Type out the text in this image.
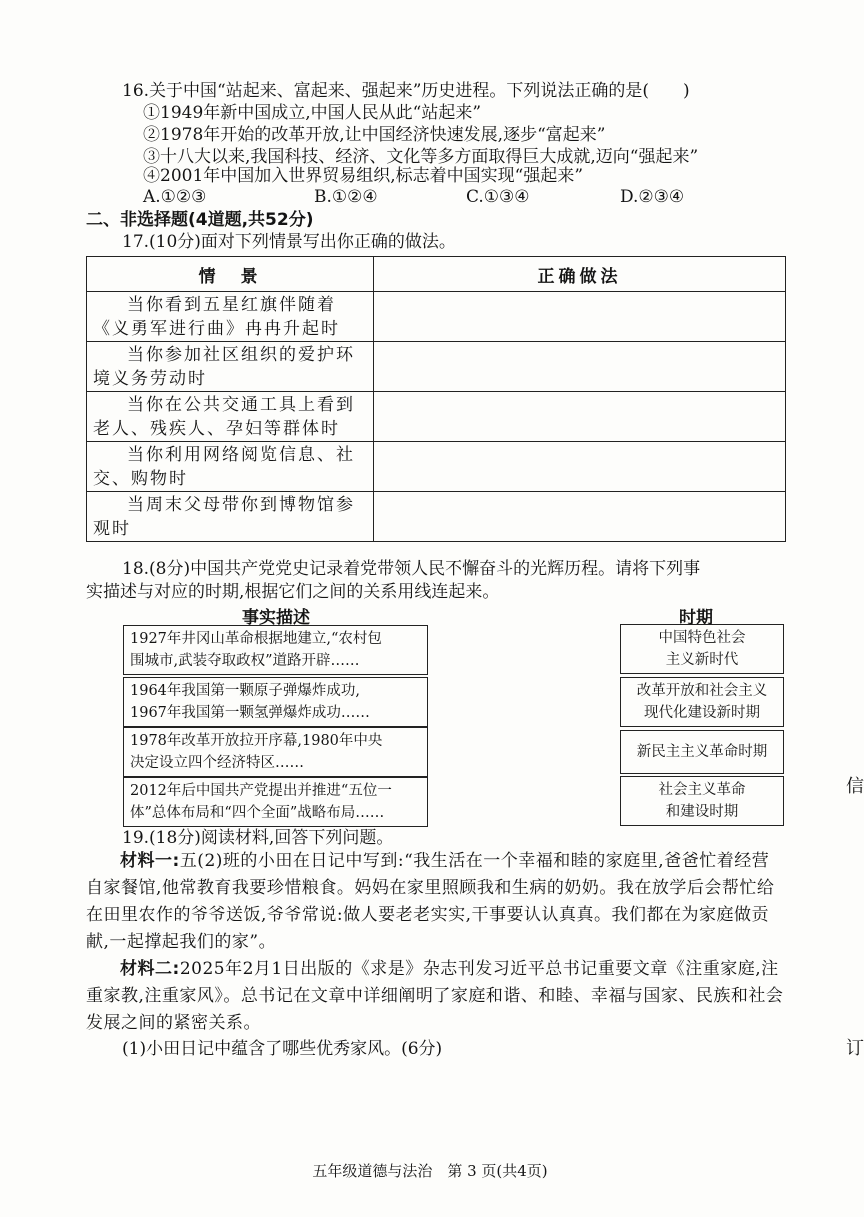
16.关于中国“站起来、富起来、强起来”历史进程。下列说法正确的是(　　)
①1949年新中国成立,中国人民从此“站起来”
②1978年开始的改革开放,让中国经济快速发展,逐步“富起来”
③十八大以来,我国科技、经济、文化等多方面取得巨大成就,迈向“强起来”
④2001年中国加入世界贸易组织,标志着中国实现“强起来”
A.①②③	B.①②④	C.①③④	D.②③④
二、非选择题(4道题,共52分)
17.(10分)面对下列情景写出你正确的做法。
情　景	正确做法
当你看到五星红旗伴随着《义勇军进行曲》冉冉升起时	
当你参加社区组织的爱护环境义务劳动时	
当你在公共交通工具上看到老人、残疾人、孕妇等群体时	
当你利用网络阅览信息、社交、购物时	
当周末父母带你到博物馆参观时	
18.(8分)中国共产党党史记录着党带领人民不懈奋斗的光辉历程。请将下列事
实描述与对应的时期,根据它们之间的关系用线连起来。
事实描述	时期
1927年井冈山革命根据地建立,“农村包
围城市,武装夺取政权”道路开辟……
1964年我国第一颗原子弹爆炸成功,
1967年我国第一颗氢弹爆炸成功……
1978年改革开放拉开序幕,1980年中央
决定设立四个经济特区……
2012年后中国共产党提出并推进“五位一
体”总体布局和“四个全面”战略布局……
中国特色社会
主义新时代
改革开放和社会主义
现代化建设新时期
新民主主义革命时期
社会主义革命
和建设时期
19.(18分)阅读材料,回答下列问题。
材料一:五(2)班的小田在日记中写到:“我生活在一个幸福和睦的家庭里,爸爸忙着经营自家餐馆,他常教育我要珍惜粮食。妈妈在家里照顾我和生病的奶奶。我在放学后会帮忙给在田里农作的爷爷送饭,爷爷常说:做人要老老实实,干事要认认真真。我们都在为家庭做贡献,一起撑起我们的家”。
材料二:2025年2月1日出版的《求是》杂志刊发习近平总书记重要文章《注重家庭,注重家教,注重家风》。总书记在文章中详细阐明了家庭和谐、和睦、幸福与国家、民族和社会发展之间的紧密关系。
(1)小田日记中蕴含了哪些优秀家风。(6分)
五年级道德与法治　第 3 页(共4页)
信
订
